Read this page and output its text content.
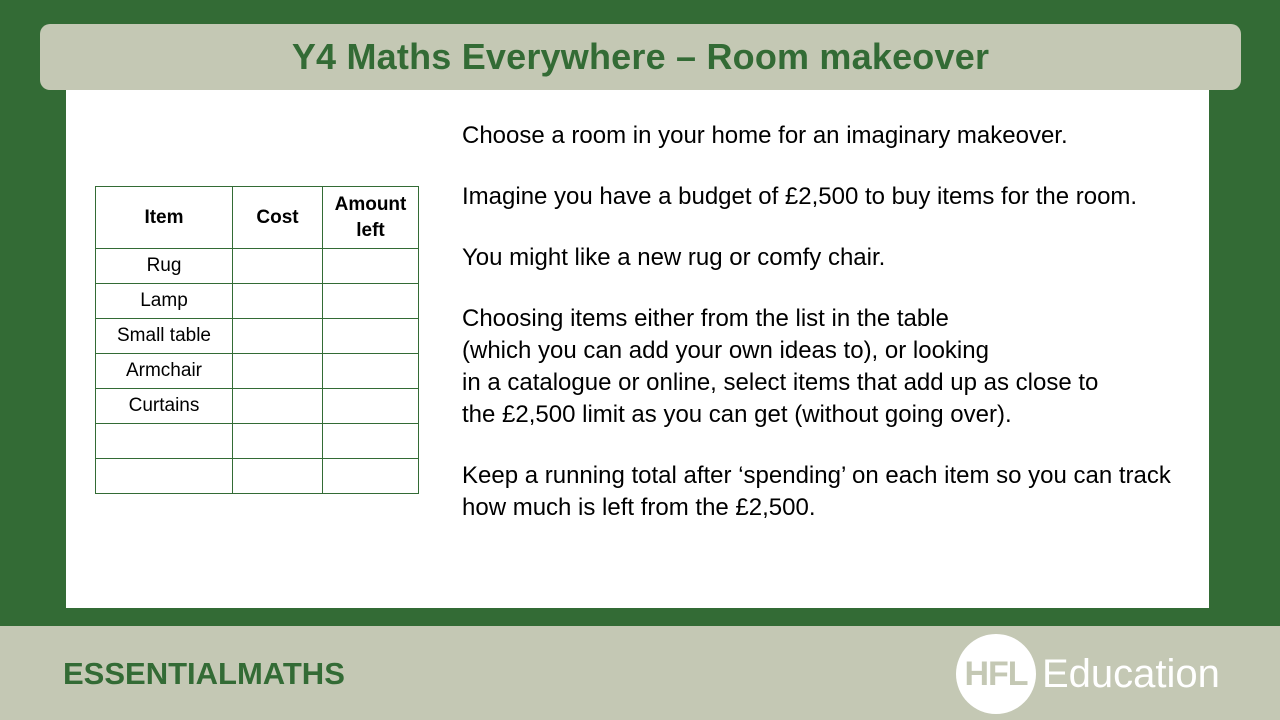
Y4 Maths Everywhere – Room makeover
Item	Cost	Amount left
Rug		
Lamp		
Small table		
Armchair		
Curtains		

Choose a room in your home for an imaginary makeover.

Imagine you have a budget of £2,500 to buy items for the room.

You might like a new rug or comfy chair.

Choosing items either from the list in the table
(which you can add your own ideas to), or looking
in a catalogue or online, select items that add up as close to
the £2,500 limit as you can get (without going over).

Keep a running total after ‘spending’ on each item so you can track how much is left from the £2,500.

ESSENTIALMATHS	HFL Education
